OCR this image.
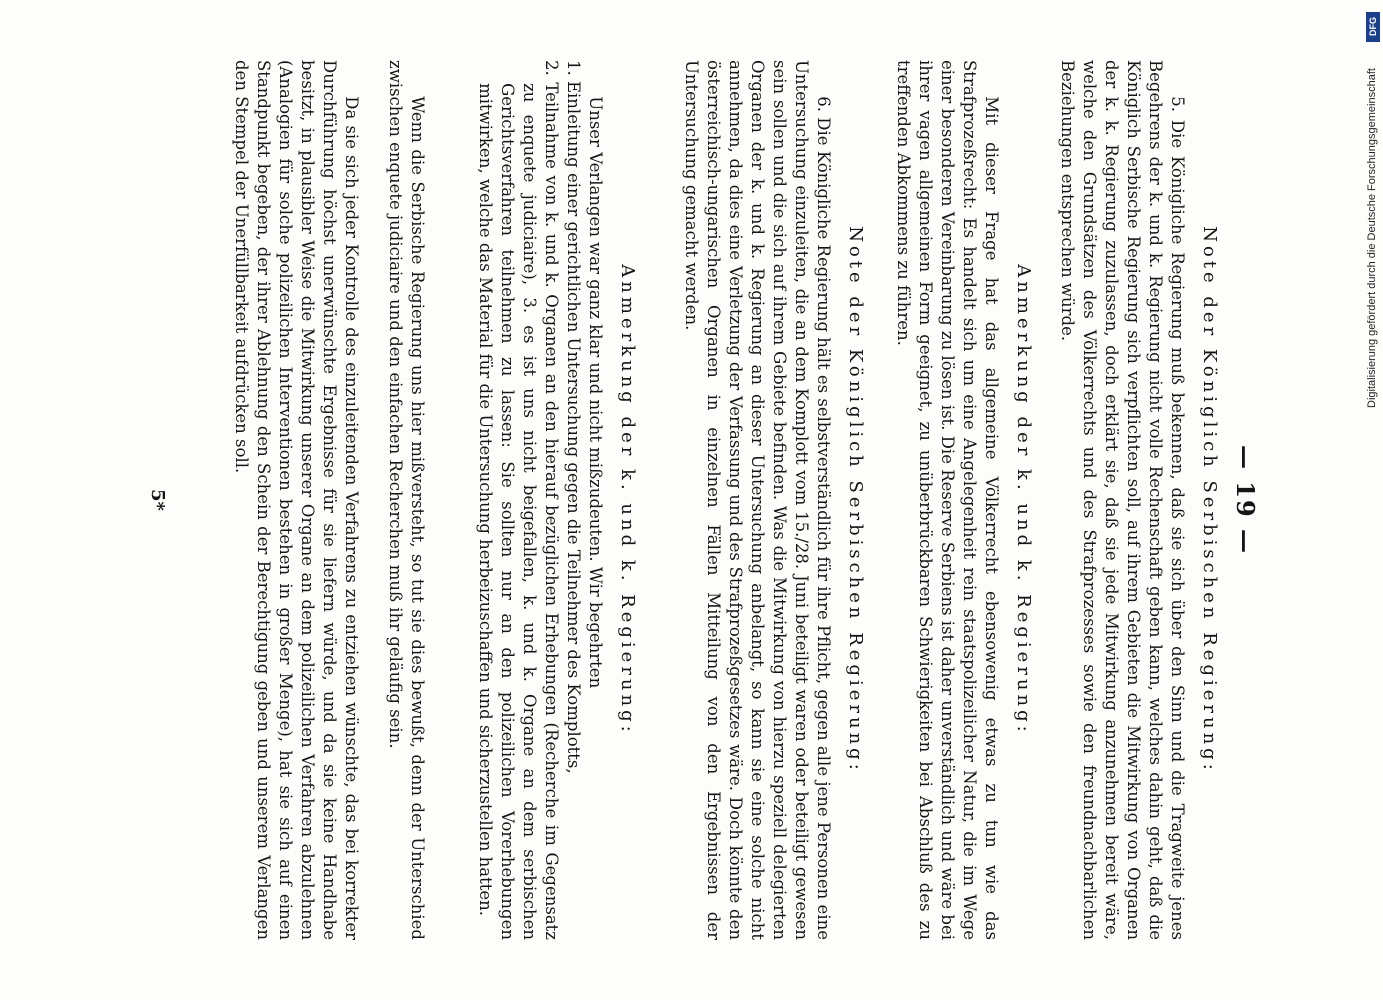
— 19 —
Note der Königlich Serbischen Regierung:
5. Die Königliche Regierung muß bekennen, daß sie sich über den Sinn und die Tragweite jenes Begehrens der k. und k. Regierung nicht volle Rechenschaft geben kann, welches dahin geht, daß die Königlich Serbische Regierung sich verpflichten soll, auf ihrem Gebieten die Mitwirkung von Organen der k. k. Regierung zuzulassen, doch erklärt sie, daß sie jede Mitwirkung anzunehmen bereit wäre, welche den Grundsätzen des Völkerrechts und des Strafprozesses sowie den freundnachbarlichen Beziehungen entsprechen würde.
Anmerkung der k. und k. Regierung:
Mit dieser Frage hat das allgemeine Völkerrecht ebensowenig etwas zu tun wie das Strafprozeßrecht: Es handelt sich um eine Angelegenheit rein staatspolizeilicher Natur, die im Wege einer besonderen Vereinbarung zu lösen ist. Die Reserve Serbiens ist daher unverständlich und wäre bei ihrer vagen allgemeinen Form geeignet, zu unüberbrückbaren Schwierigkeiten bei Abschluß des zu treffenden Abkommens zu führen.
Note der Königlich Serbischen Regierung:
6. Die Königliche Regierung hält es selbstverständlich für ihre Pflicht, gegen alle jene Personen eine Untersuchung einzuleiten, die an dem Komplott vom 15./28. Juni beteiligt waren oder beteiligt gewesen sein sollen und die sich auf ihrem Gebiete befinden. Was die Mitwirkung von hierzu speziell delegierten Organen der k. und k. Regierung an dieser Untersuchung anbelangt, so kann sie eine solche nicht annehmen, da dies eine Verletzung der Verfassung und des Strafprozeßgesetzes wäre. Doch könnte den österreichisch-ungarischen Organen in einzelnen Fällen Mitteilung von den Ergebnissen der Untersuchung gemacht werden.
Anmerkung der k. und k. Regierung:
Unser Verlangen war ganz klar und nicht mißzudeuten. Wir begehrten
1. Einleitung einer gerichtlichen Untersuchung gegen die Teilnehmer des Komplotts,
2. Teilnahme von k. und k. Organen an den hierauf bezüglichen Erhebungen (Recherche im Gegensatz zu enquete judiciaire), 3. es ist uns nicht beigefallen, k. und k. Organe an dem serbischen Gerichtsverfahren teilnehmen zu lassen: Sie sollten nur an den polizeilichen Vorerhebungen mitwirken, welche das Material für die Untersuchung herbeizuschaffen und sicherzustellen hatten.
Wenn die Serbische Regierung uns hier mißversteht, so tut sie dies bewußt, denn der Unterschied zwischen enquete judiciaire und den einfachen Recherchen muß ihr geläufig sein.
Da sie sich jeder Kontrolle des einzuleitenden Verfahrens zu entziehen wünschte, das bei korrekter Durchführung höchst unerwünschte Ergebnisse für sie liefern würde, und da sie keine Handhabe besitzt, in plausibler Weise die Mitwirkung unserer Organe an dem polizeilichen Verfahren abzulehnen (Analogien für solche polizeilichen Interventionen bestehen in großer Menge), hat sie sich auf einen Standpunkt begeben, der ihrer Ablehnung den Schein der Berechtigung geben und unserem Verlangen den Stempel der Unerfüllbarkeit aufdrücken soll.
5*
DFG
Digitalisierung gefördert durch die Deutsche Forschungsgemeinschaft
